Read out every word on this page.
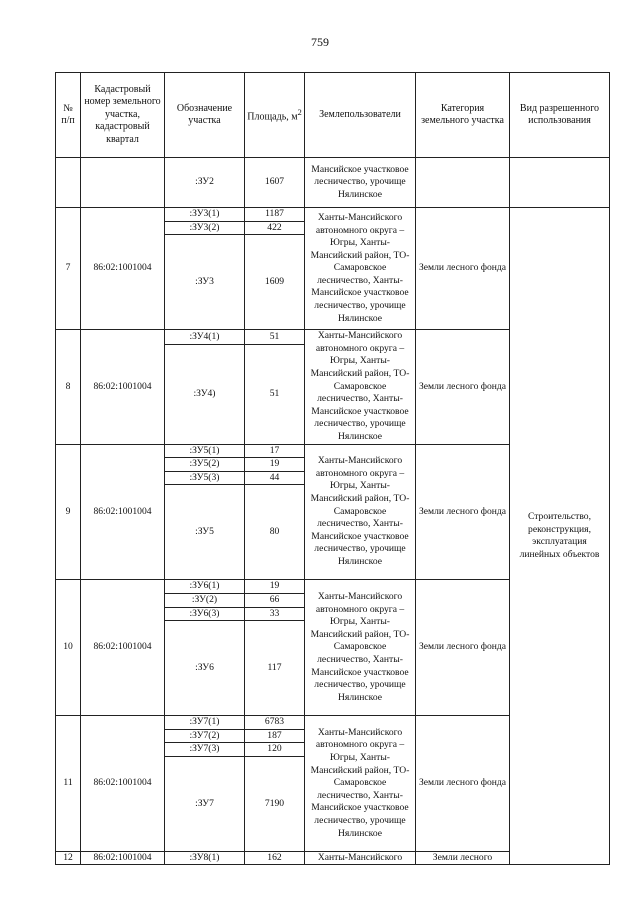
759
№ п/п	Кадастровый номер земельного участка, кадастровый квартал	Обозначение участка	Площадь, $м^2$	Землепользователи	Категория земельного участка	Вид разрешенного использования
		:ЗУ2	1607	Мансийское участковое лесничество, урочище Нялинское		
7	86:02:1001004	:ЗУ3(1)	1187	Ханты-Мансийского автономного округа – Югры, Ханты-Мансийский район, ТО-Самаровское лесничество, Ханты-Мансийское участковое лесничество, урочище Нялинское	Земли лесного фонда	Строительство, реконструкция, эксплуатация линейных объектов
		:ЗУ3(2)	422			
		:ЗУ3	1609			
8	86:02:1001004	:ЗУ4(1)	51	Ханты-Мансийского автономного округа – Югры, Ханты-Мансийский район, ТО-Самаровское лесничество, Ханты-Мансийское участковое лесничество, урочище Нялинское	Земли лесного фонда	
		:ЗУ4)	51			
9	86:02:1001004	:ЗУ5(1)	17	Ханты-Мансийского автономного округа – Югры, Ханты-Мансийский район, ТО-Самаровское лесничество, Ханты-Мансийское участковое лесничество, урочище Нялинское	Земли лесного фонда	
		:ЗУ5(2)	19			
		:ЗУ5(3)	44			
		:ЗУ5	80			
10	86:02:1001004	:ЗУ6(1)	19	Ханты-Мансийского автономного округа – Югры, Ханты-Мансийский район, ТО-Самаровское лесничество, Ханты-Мансийское участковое лесничество, урочище Нялинское	Земли лесного фонда	
		:ЗУ(2)	66			
		:ЗУ6(3)	33			
		:ЗУ6	117			
11	86:02:1001004	:ЗУ7(1)	6783	Ханты-Мансийского автономного округа – Югры, Ханты-Мансийский район, ТО-Самаровское лесничество, Ханты-Мансийское участковое лесничество, урочище Нялинское	Земли лесного фонда	
		:ЗУ7(2)	187			
		:ЗУ7(3)	120			
		:ЗУ7	7190			
12	86:02:1001004	:ЗУ8(1)	162	Ханты-Мансийского	Земли лесного	
